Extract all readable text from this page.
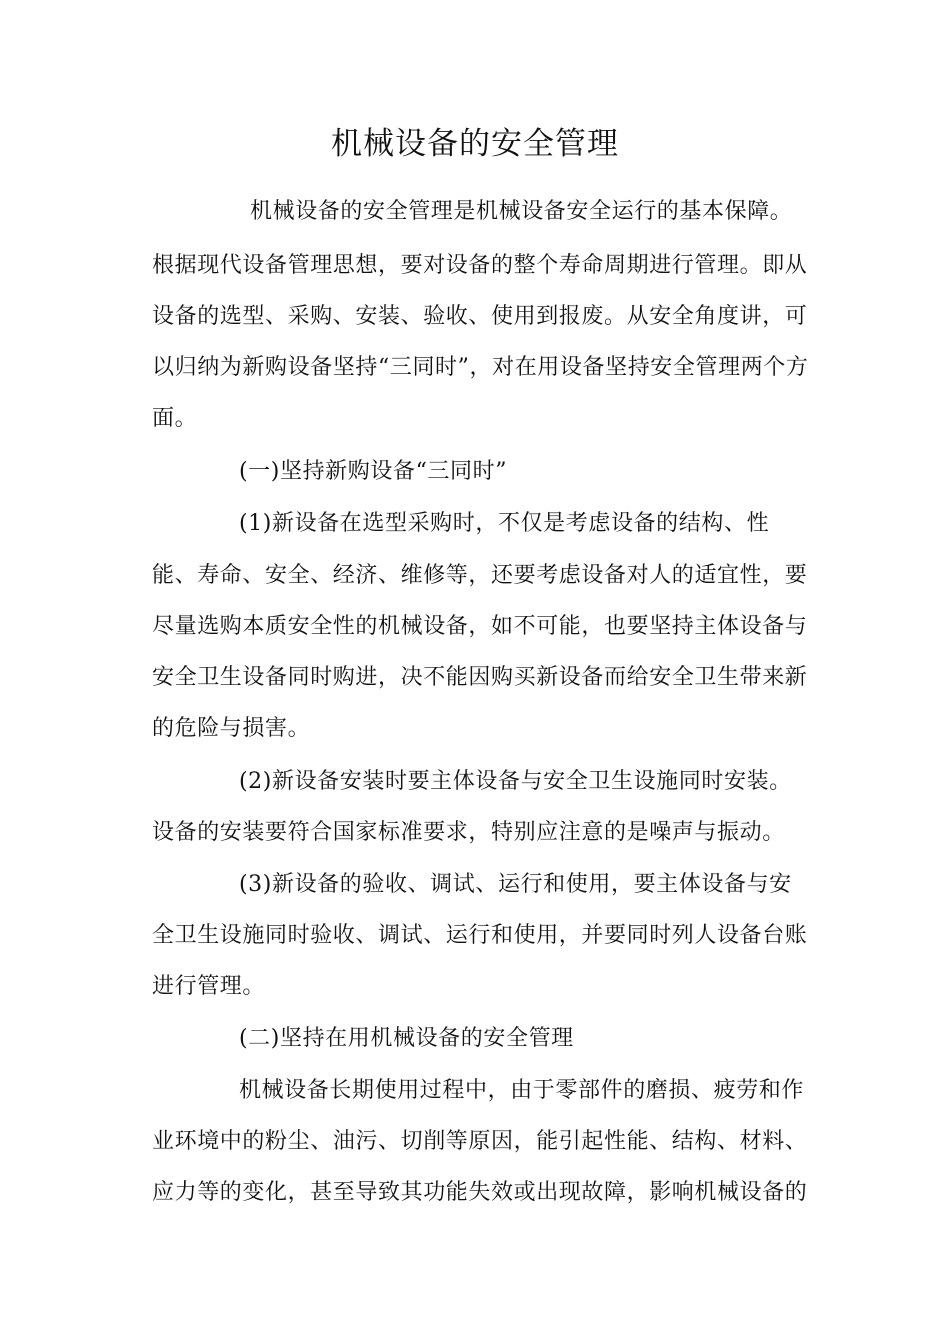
机械设备的安全管理
机械设备的安全管理是机械设备安全运行的基本保障。
根据现代设备管理思想，要对设备的整个寿命周期进行管理。即从
设备的选型、采购、安装、验收、使用到报废。从安全角度讲，可
以归纳为新购设备坚持“三同时”，对在用设备坚持安全管理两个方
面。
(一)坚持新购设备“三同时”
(1)新设备在选型采购时，不仅是考虑设备的结构、性
能、寿命、安全、经济、维修等，还要考虑设备对人的适宜性，要
尽量选购本质安全性的机械设备，如不可能，也要坚持主体设备与
安全卫生设备同时购进，决不能因购买新设备而给安全卫生带来新
的危险与损害。
(2)新设备安装时要主体设备与安全卫生设施同时安装。
设备的安装要符合国家标准要求，特别应注意的是噪声与振动。
(3)新设备的验收、调试、运行和使用，要主体设备与安
全卫生设施同时验收、调试、运行和使用，并要同时列人设备台账
进行管理。
(二)坚持在用机械设备的安全管理
机械设备长期使用过程中，由于零部件的磨损、疲劳和作
业环境中的粉尘、油污、切削等原因，能引起性能、结构、材料、
应力等的变化，甚至导致其功能失效或出现故障，影响机械设备的
